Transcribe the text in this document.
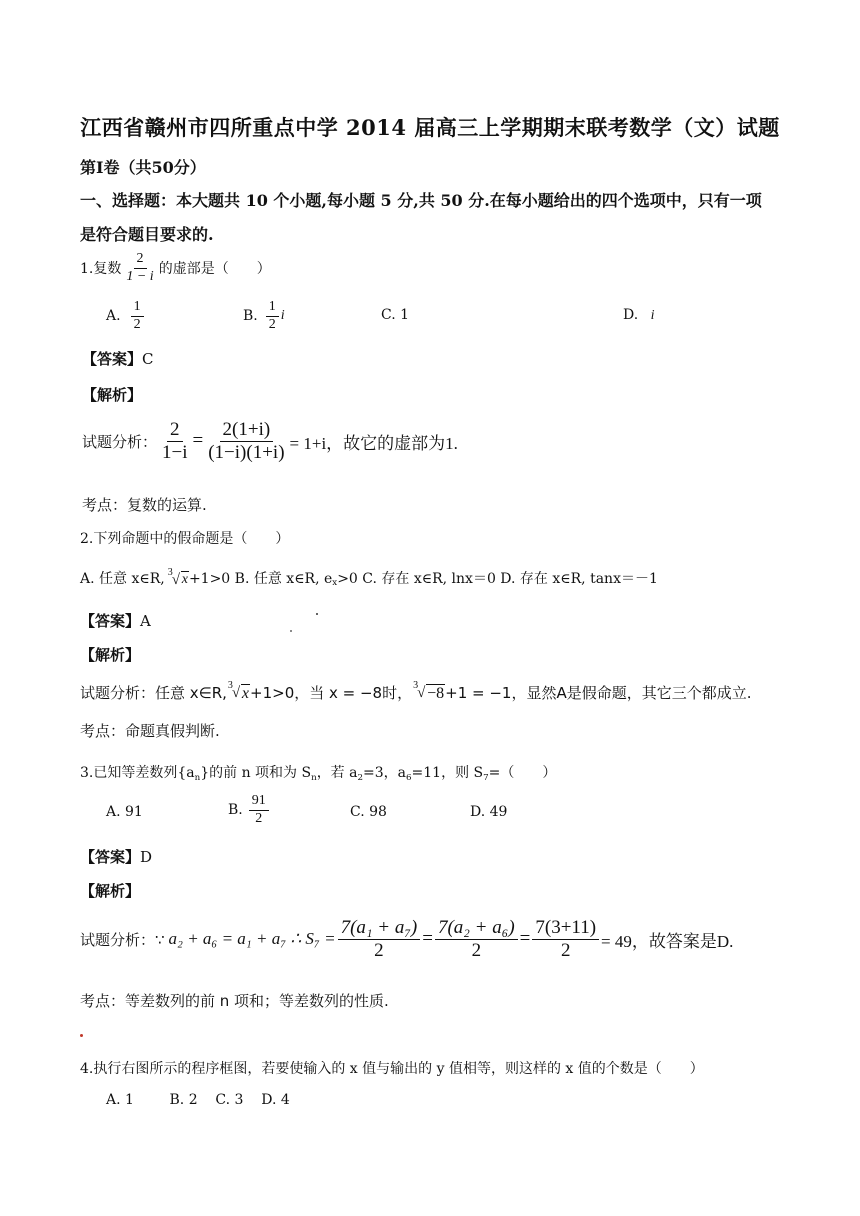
江西省赣州市四所重点中学 2014 届高三上学期期末联考数学（文）试题
第Ⅰ卷（共50分）
一、选择题：本大题共 10 个小题,每小题 5 分,共 50 分.在每小题给出的四个选项中，只有一项
是符合题目要求的.
1.复数 $\frac{2}{1 - i}$ 的虚部是（　　）
A. $\frac{1}{2}$	B. $\frac{1}{2}$ i	C. 1	D. i
【答案】C
【解析】
试题分析： $\frac{2}{1-i} = \frac{2(1+i)}{(1-i)(1+i)} = 1+i$，故它的虚部为1.
考点：复数的运算.
2.下列命题中的假命题是（　　）
A. 任意 x∈R, 3 √ x +1>0 B. 任意 x∈R, e x >0 C. 存在 x∈R, lnx＝0 D. 存在 x∈R, tanx＝－1
【答案】A
【解析】
试题分析：任意 x∈R, 3 √ x +1>0，当 x = −8时， 3 √ −8 +1 = −1，显然A是假命题，其它三个都成立.
考点：命题真假判断.
3.已知等差数列$\{a_n\}$的前 n 项和为 $S_n$，若 $a_2=3$，$a_6=11$，则 $S_7=$（　　）
A. 91	B. $\frac{91}{2}$	C. 98	D. 49
【答案】D
【解析】
试题分析：∵ a₂ + a₆ = a₁ + a₇ ∴ $S_7 = \frac{\text{7(a₁ + a₇)}}{2} = \frac{\text{7(a₂ + a₆)}}{2} = \frac{7(3+11)}{2} = 49$，故答案是D.
考点：等差数列的前 n 项和；等差数列的性质.
4.执行右图所示的程序框图，若要使输入的 x 值与输出的 y 值相等，则这样的 x 值的个数是（　　）
A. 1        B. 2    C. 3    D. 4
